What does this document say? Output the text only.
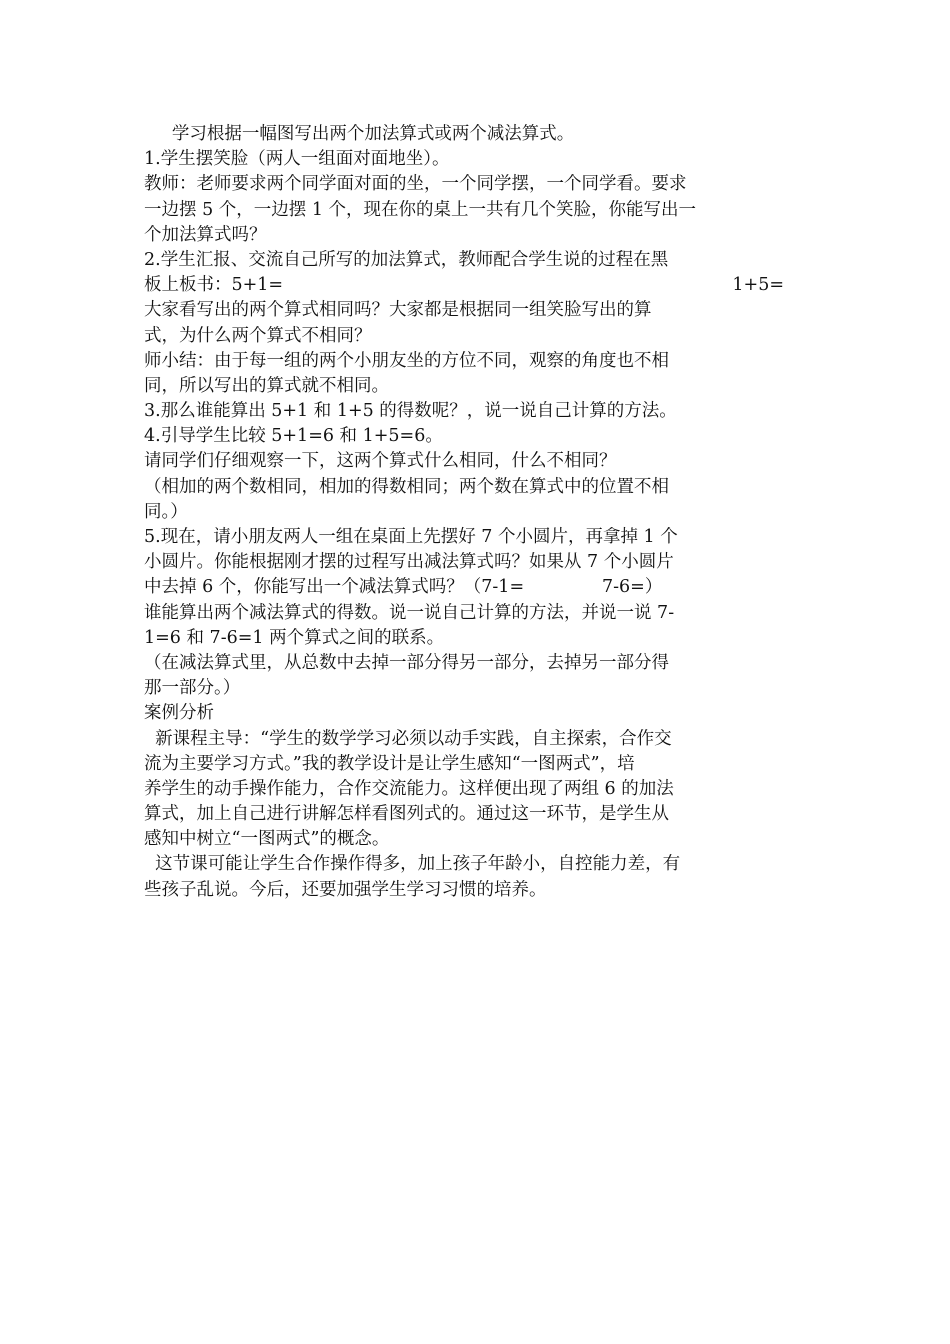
学习根据一幅图写出两个加法算式或两个减法算式。
1.学生摆笑脸（两人一组面对面地坐）。
教师：老师要求两个同学面对面的坐，一个同学摆，一个同学看。要求
一边摆 5 个，一边摆 1 个，现在你的桌上一共有几个笑脸，你能写出一
个加法算式吗？
2.学生汇报、交流自己所写的加法算式，教师配合学生说的过程在黑
板上板书：5+1=	1+5=
大家看写出的两个算式相同吗？大家都是根据同一组笑脸写出的算
式，为什么两个算式不相同？
师小结：由于每一组的两个小朋友坐的方位不同，观察的角度也不相
同，所以写出的算式就不相同。
3.那么谁能算出 5+1 和 1+5 的得数呢？，说一说自己计算的方法。
4.引导学生比较 5+1=6 和 1+5=6。
请同学们仔细观察一下，这两个算式什么相同，什么不相同？
（相加的两个数相同，相加的得数相同；两个数在算式中的位置不相
同。）
5.现在，请小朋友两人一组在桌面上先摆好 7 个小圆片，再拿掉 1 个
小圆片。你能根据刚才摆的过程写出减法算式吗？如果从 7 个小圆片
中去掉 6 个，你能写出一个减法算式吗？（7-1=              7-6=）
谁能算出两个减法算式的得数。说一说自己计算的方法，并说一说 7-
1=6 和 7-6=1 两个算式之间的联系。
（在减法算式里，从总数中去掉一部分得另一部分，去掉另一部分得
那一部分。）
案例分析
新课程主导：“学生的数学学习必须以动手实践，自主探索，合作交
流为主要学习方式。”我的教学设计是让学生感知“一图两式”，培
养学生的动手操作能力，合作交流能力。这样便出现了两组 6 的加法
算式，加上自己进行讲解怎样看图列式的。通过这一环节，是学生从
感知中树立“一图两式”的概念。
这节课可能让学生合作操作得多，加上孩子年龄小，自控能力差，有
些孩子乱说。今后，还要加强学生学习习惯的培养。
